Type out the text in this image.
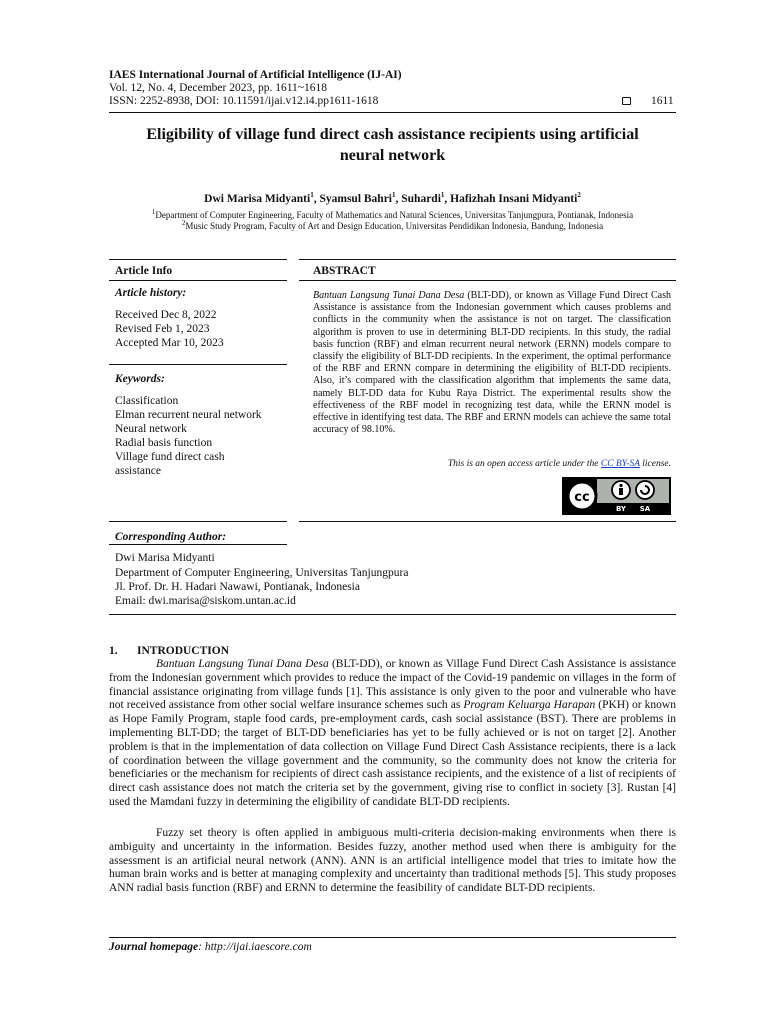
IAES International Journal of Artificial Intelligence (IJ-AI)
Vol. 12, No. 4, December 2023, pp. 1611~1618
ISSN: 2252-8938, DOI: 10.11591/ijai.v12.i4.pp1611-1618	1611
Eligibility of village fund direct cash assistance recipients using artificial
neural network
Dwi Marisa Midyanti$^1$, Syamsul Bahri$^1$, Suhardi$^1$, Hafizhah Insani Midyanti$^2$
$^1$Department of Computer Engineering, Faculty of Mathematics and Natural Sciences, Universitas Tanjungpura, Pontianak, Indonesia
$^2$Music Study Program, Faculty of Art and Design Education, Universitas Pendidikan Indonesia, Bandung, Indonesia
Article Info
Article history:
Received Dec 8, 2022
Revised Feb 1, 2023
Accepted Mar 10, 2023
Keywords:
Classification
Elman recurrent neural network
Neural network
Radial basis function
Village fund direct cash
assistance
ABSTRACT
Bantuan Langsung Tunai Dana Desa (BLT-DD), or known as Village Fund Direct Cash Assistance is assistance from the Indonesian government which causes problems and conflicts in the community when the assistance is not on target. The classification algorithm is proven to use in determining BLT-DD recipients. In this study, the radial basis function (RBF) and elman recurrent neural network (ERNN) models compare to classify the eligibility of BLT-DD recipients. In the experiment, the optimal performance of the RBF and ERNN compare in determining the eligibility of BLT-DD recipients. Also, it’s compared with the classification algorithm that implements the same data, namely BLT-DD data for Kubu Raya District. The experimental results show the effectiveness of the RBF model in recognizing test data, while the ERNN model is effective in identifying test data. The RBF and ERNN models can achieve the same total accuracy of 98.10%.
This is an open access article under the CC BY-SA license.
cc
BY SA
Corresponding Author:
Dwi Marisa Midyanti
Department of Computer Engineering, Universitas Tanjungpura
Jl. Prof. Dr. H. Hadari Nawawi, Pontianak, Indonesia
Email: dwi.marisa@siskom.untan.ac.id
1. INTRODUCTION
Bantuan Langsung Tunai Dana Desa (BLT-DD), or known as Village Fund Direct Cash Assistance is assistance from the Indonesian government which provides to reduce the impact of the Covid-19 pandemic on villages in the form of financial assistance originating from village funds [1]. This assistance is only given to the poor and vulnerable who have not received assistance from other social welfare insurance schemes such as Program Keluarga Harapan (PKH) or known as Hope Family Program, staple food cards, pre-employment cards, cash social assistance (BST). There are problems in implementing BLT-DD; the target of BLT-DD beneficiaries has yet to be fully achieved or is not on target [2]. Another problem is that in the implementation of data collection on Village Fund Direct Cash Assistance recipients, there is a lack of coordination between the village government and the community, so the community does not know the criteria for beneficiaries or the mechanism for recipients of direct cash assistance recipients, and the existence of a list of recipients of direct cash assistance does not match the criteria set by the government, giving rise to conflict in society [3]. Rustan [4] used the Mamdani fuzzy in determining the eligibility of candidate BLT-DD recipients.
Fuzzy set theory is often applied in ambiguous multi-criteria decision-making environments when there is ambiguity and uncertainty in the information. Besides fuzzy, another method used when there is ambiguity for the assessment is an artificial neural network (ANN). ANN is an artificial intelligence model that tries to imitate how the human brain works and is better at managing complexity and uncertainty than traditional methods [5]. This study proposes ANN radial basis function (RBF) and ERNN to determine the feasibility of candidate BLT-DD recipients.
Journal homepage: http://ijai.iaescore.com
